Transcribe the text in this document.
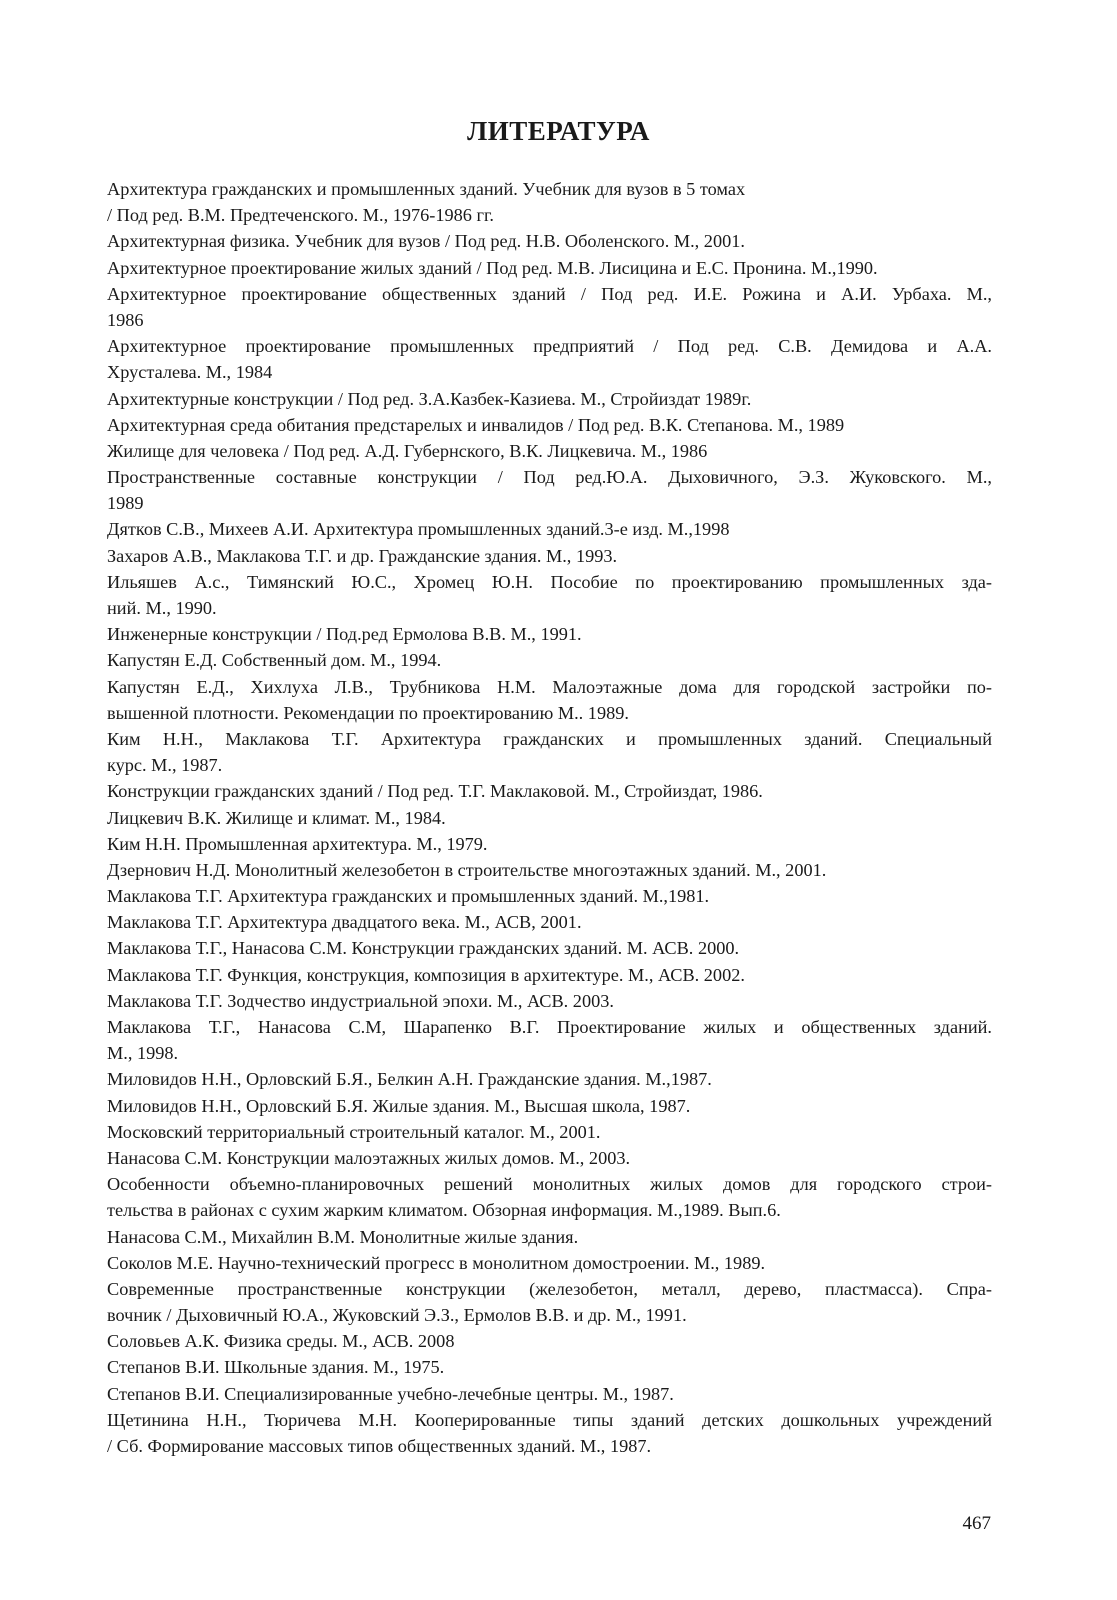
ЛИТЕРАТУРА
Архитектура гражданских и промышленных зданий. Учебник для вузов в 5 томах
/ Под ред. В.М. Предтеченского. М., 1976-1986 гг.
Архитектурная физика. Учебник для вузов / Под ред. Н.В. Оболенского. М., 2001.
Архитектурное проектирование жилых зданий / Под ред. М.В. Лисицина и Е.С. Пронина. М.,1990.
Архитектурное проектирование общественных зданий / Под ред. И.Е. Рожина и А.И. Урбаха. М.,
1986
Архитектурное проектирование промышленных предприятий / Под ред. С.В. Демидова и А.А.
Хрусталева. М., 1984
Архитектурные конструкции / Под ред. З.А.Казбек-Казиева. М., Стройиздат 1989г.
Архитектурная среда обитания предстарелых и инвалидов / Под ред. В.К. Степанова. М., 1989
Жилище для человека / Под ред. А.Д. Губернского, В.К. Лицкевича. М., 1986
Пространственные составные конструкции / Под ред.Ю.А. Дыховичного, Э.З. Жуковского. М.,
1989
Дятков С.В., Михеев А.И. Архитектура промышленных зданий.3-е изд. М.,1998
Захаров А.В., Маклакова Т.Г. и др. Гражданские здания. М., 1993.
Ильяшев А.с., Тимянский Ю.С., Хромец Ю.Н. Пособие по проектированию промышленных зда-
ний. М., 1990.
Инженерные конструкции / Под.ред Ермолова В.В. М., 1991.
Капустян Е.Д. Собственный дом. М., 1994.
Капустян Е.Д., Хихлуха Л.В., Трубникова Н.М. Малоэтажные дома для городской застройки по-
вышенной плотности. Рекомендации по проектированию М.. 1989.
Ким Н.Н., Маклакова Т.Г. Архитектура гражданских и промышленных зданий. Специальный
курс. М., 1987.
Конструкции гражданских зданий / Под ред. Т.Г. Маклаковой. М., Стройиздат, 1986.
Лицкевич В.К. Жилище и климат. М., 1984.
Ким Н.Н. Промышленная архитектура. М., 1979.
Дзернович Н.Д. Монолитный железобетон в строительстве многоэтажных зданий. М., 2001.
Маклакова Т.Г. Архитектура гражданских и промышленных зданий. М.,1981.
Маклакова Т.Г. Архитектура двадцатого века. М., АСВ, 2001.
Маклакова Т.Г., Нанасова С.М. Конструкции гражданских зданий. М. АСВ. 2000.
Маклакова Т.Г. Функция, конструкция, композиция в архитектуре. М., АСВ. 2002.
Маклакова Т.Г. Зодчество индустриальной эпохи. М., АСВ. 2003.
Маклакова Т.Г., Нанасова С.М, Шарапенко В.Г. Проектирование жилых и общественных зданий.
М., 1998.
Миловидов Н.Н., Орловский Б.Я., Белкин А.Н. Гражданские здания. М.,1987.
Миловидов Н.Н., Орловский Б.Я. Жилые здания. М., Высшая школа, 1987.
Московский территориальный строительный каталог. М., 2001.
Нанасова С.М. Конструкции малоэтажных жилых домов. М., 2003.
Особенности объемно-планировочных решений монолитных жилых домов для городского строи-
тельства в районах с сухим жарким климатом. Обзорная информация. М.,1989. Вып.6.
Нанасова С.М., Михайлин В.М. Монолитные жилые здания.
Соколов М.Е. Научно-технический прогресс в монолитном домостроении. М., 1989.
Современные пространственные конструкции (железобетон, металл, дерево, пластмасса). Спра-
вочник / Дыховичный Ю.А., Жуковский Э.З., Ермолов В.В. и др. М., 1991.
Соловьев А.К. Физика среды. М., АСВ. 2008
Степанов В.И. Школьные здания. М., 1975.
Степанов В.И. Специализированные учебно-лечебные центры. М., 1987.
Щетинина Н.Н., Тюричева М.Н. Кооперированные типы зданий детских дошкольных учреждений
/ Сб. Формирование массовых типов общественных зданий. М., 1987.
467
